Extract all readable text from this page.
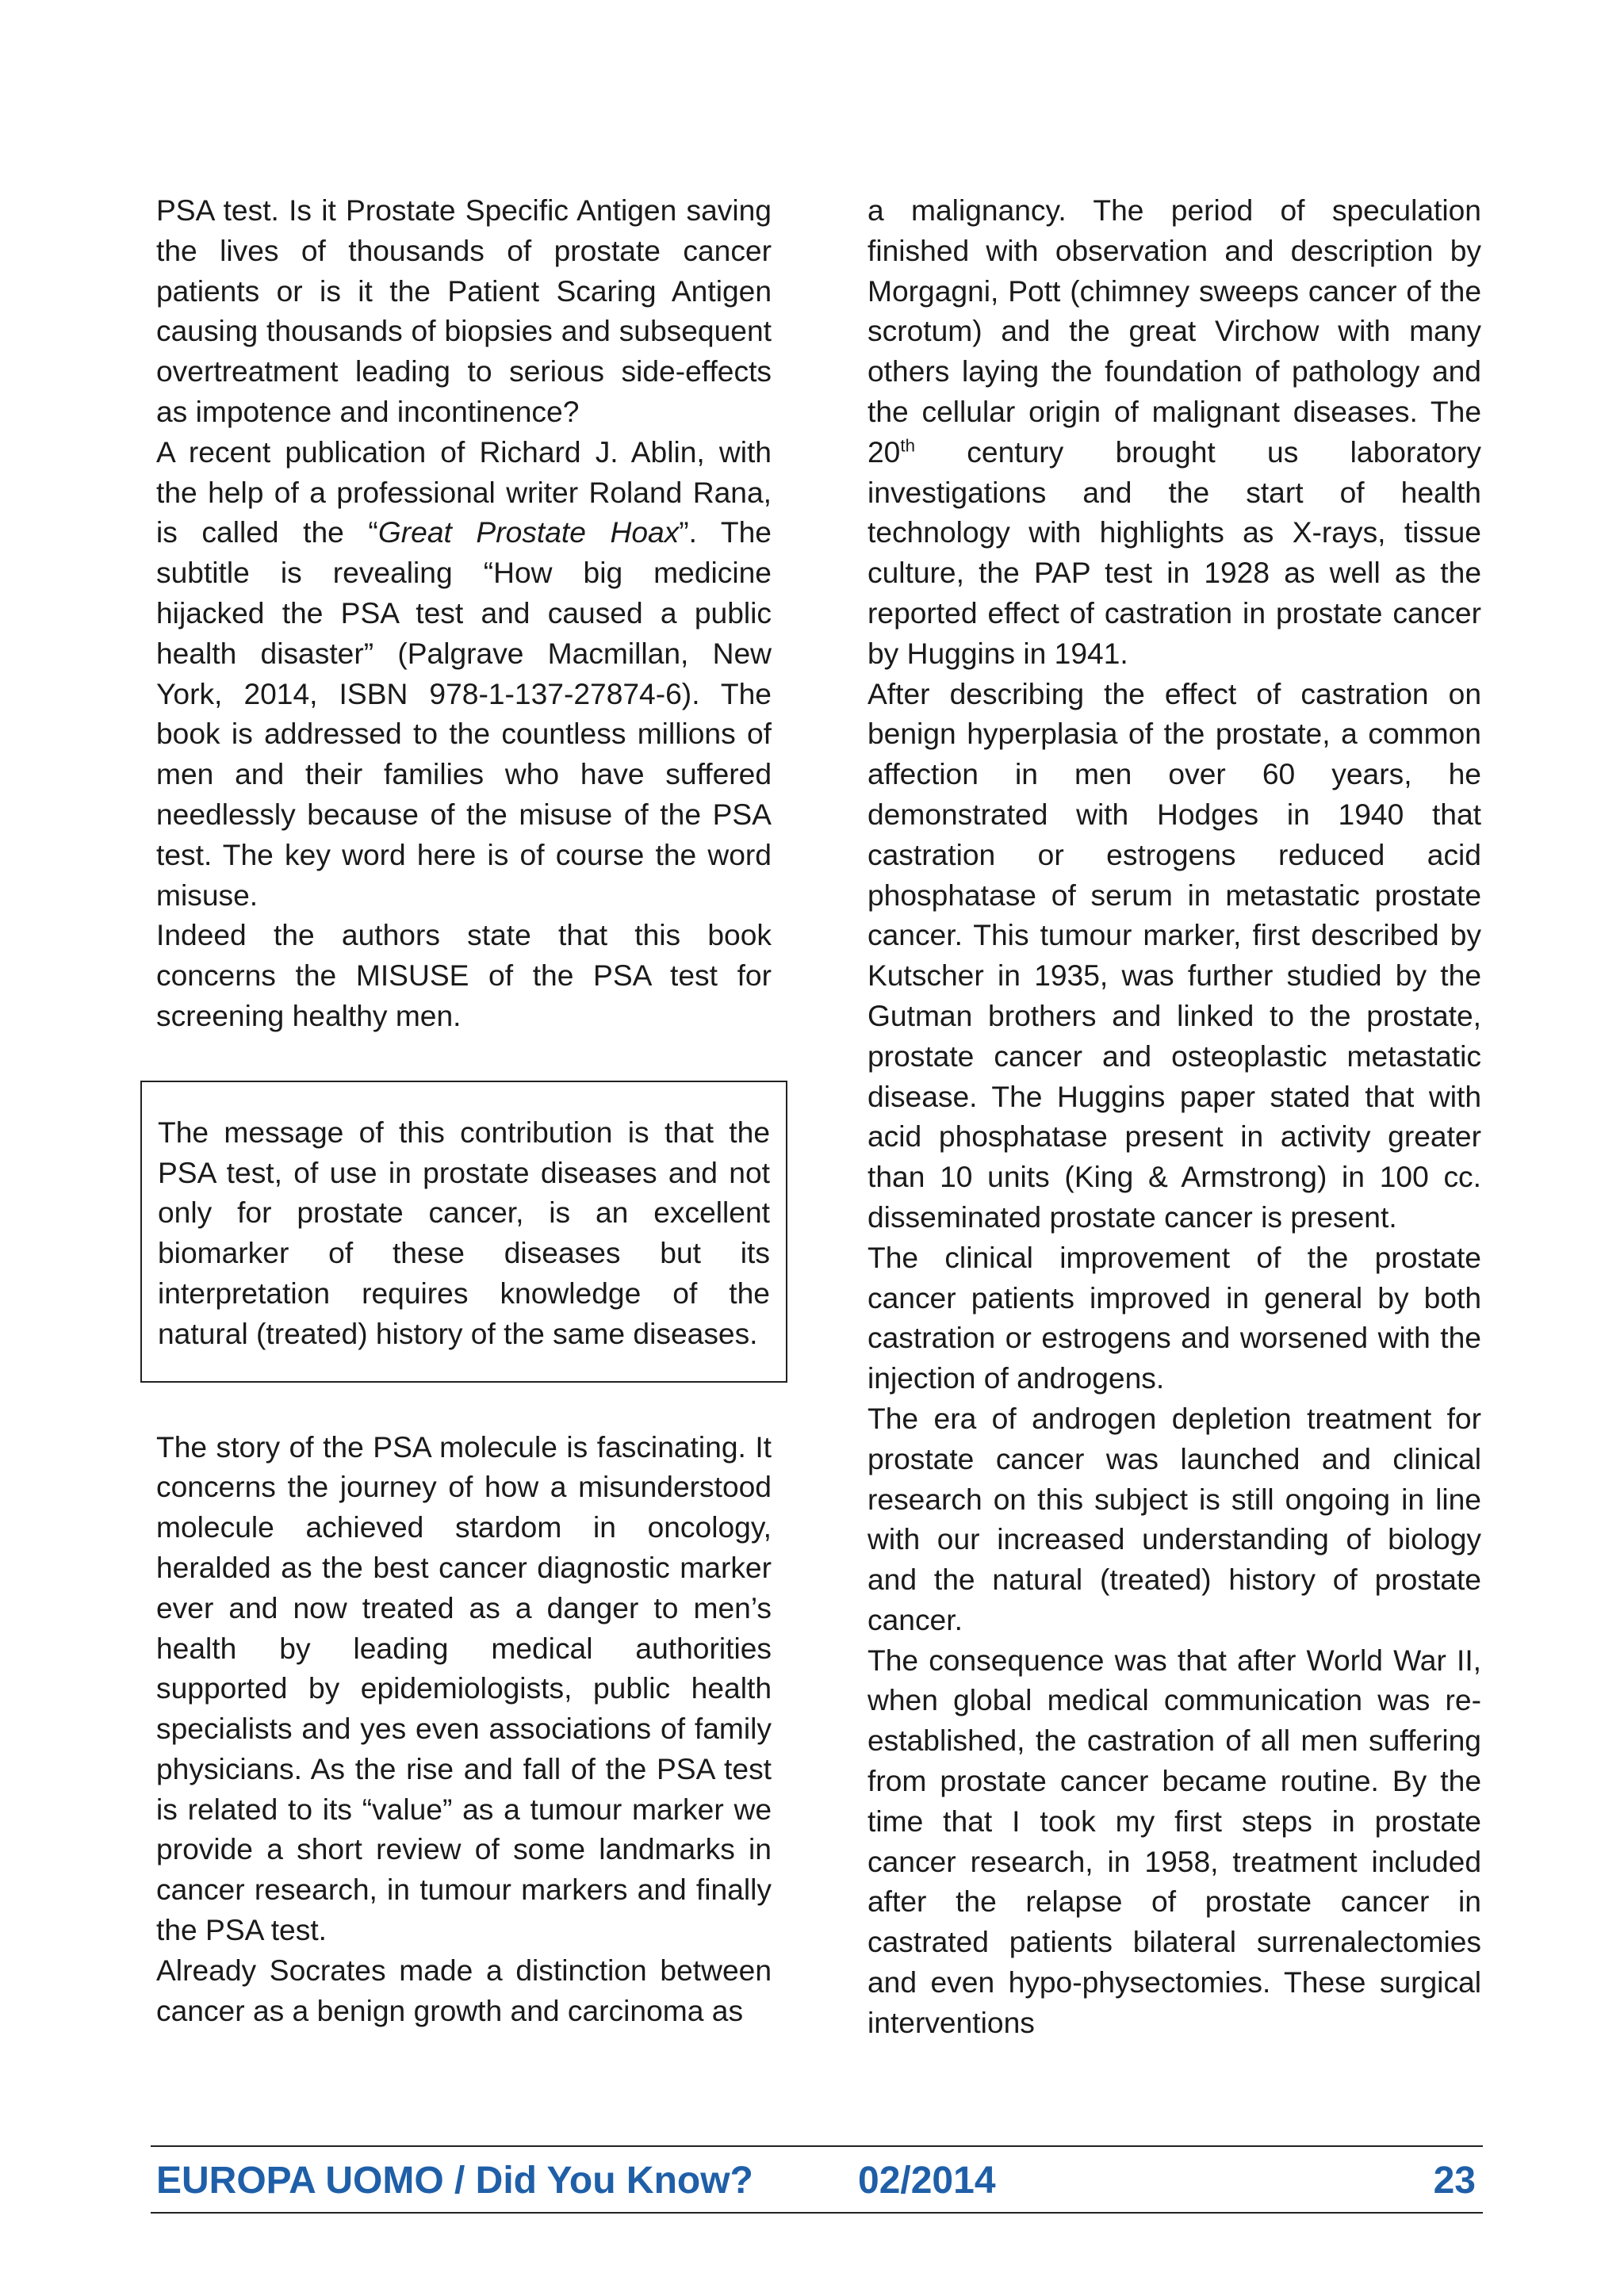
PSA test. Is it Prostate Specific Antigen saving the lives of thousands of prostate cancer patients or is it the Patient Scaring Antigen causing thousands of biopsies and subsequent overtreatment leading to serious side-effects as impotence and incontinence?

A recent publication of Richard J. Ablin, with the help of a professional writer Roland Rana, is called the “Great Prostate Hoax”. The subtitle is revealing “How big medicine hijacked the PSA test and caused a public health disaster” (Palgrave Macmillan, New York, 2014, ISBN 978-1-137-27874-6). The book is addressed to the countless millions of men and their families who have suffered needlessly because of the misuse of the PSA test. The key word here is of course the word misuse.

Indeed the authors state that this book concerns the MISUSE of the PSA test for screening healthy men.

The message of this contribution is that the PSA test, of use in prostate diseases and not only for prostate cancer, is an excellent biomarker of these diseases but its interpretation requires knowledge of the natural (treated) history of the same diseases.

The story of the PSA molecule is fascinating. It concerns the journey of how a misunderstood molecule achieved stardom in oncology, heralded as the best cancer diagnostic marker ever and now treated as a danger to men’s health by leading medical authorities supported by epidemiologists, public health specialists and yes even associations of family physicians. As the rise and fall of the PSA test is related to its “value” as a tumour marker we provide a short review of some landmarks in cancer research, in tumour markers and finally the PSA test.

Already Socrates made a distinction between cancer as a benign growth and carcinoma as

a malignancy. The period of speculation finished with observation and description by Morgagni, Pott (chimney sweeps cancer of the scrotum) and the great Virchow with many others laying the foundation of pathology and the cellular origin of malignant diseases. The 20th century brought us laboratory investigations and the start of health technology with highlights as X-rays, tissue culture, the PAP test in 1928 as well as the reported effect of castration in prostate cancer by Huggins in 1941.

After describing the effect of castration on benign hyperplasia of the prostate, a common affection in men over 60 years, he demonstrated with Hodges in 1940 that castration or estrogens reduced acid phosphatase of serum in metastatic prostate cancer. This tumour marker, first described by Kutscher in 1935, was further studied by the Gutman brothers and linked to the prostate, prostate cancer and osteoplastic metastatic disease. The Huggins paper stated that with acid phosphatase present in activity greater than 10 units (King & Armstrong) in 100 cc. disseminated prostate cancer is present.

The clinical improvement of the prostate cancer patients improved in general by both castration or estrogens and worsened with the injection of androgens.

The era of androgen depletion treatment for prostate cancer was launched and clinical research on this subject is still ongoing in line with our increased understanding of biology and the natural (treated) history of prostate cancer.

The consequence was that after World War II, when global medical communication was re-established, the castration of all men suffering from prostate cancer became routine. By the time that I took my first steps in prostate cancer research, in 1958, treatment included after the relapse of prostate cancer in castrated patients bilateral surrenalectomies and even hypo-physectomies. These surgical interventions

EUROPA UOMO / Did You Know?	02/2014	23
